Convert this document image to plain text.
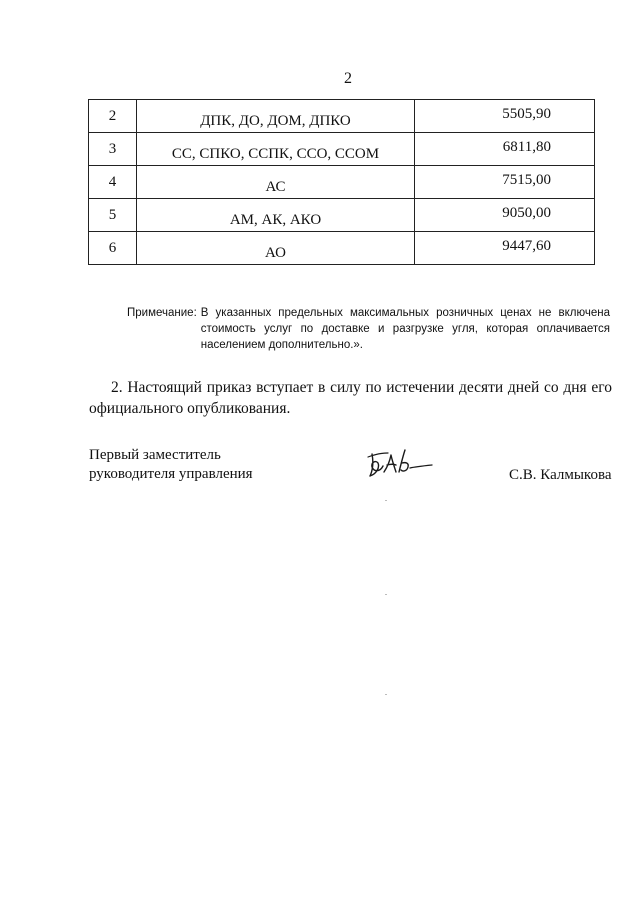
2
2	ДПК, ДО, ДОМ, ДПКО	5505,90
3	СС, СПКО, ССПК, ССО, ССОМ	6811,80
4	АС	7515,00
5	АМ, АК, АКО	9050,00
6	АО	9447,60
Примечание: В указанных предельных максимальных розничных ценах не включена стоимость услуг по доставке и разгрузке угля, которая оплачивается населением дополнительно.».
2. Настоящий приказ вступает в силу по истечении десяти дней со дня его официального опубликования.
Первый заместитель
руководителя управления	С.В. Калмыкова
